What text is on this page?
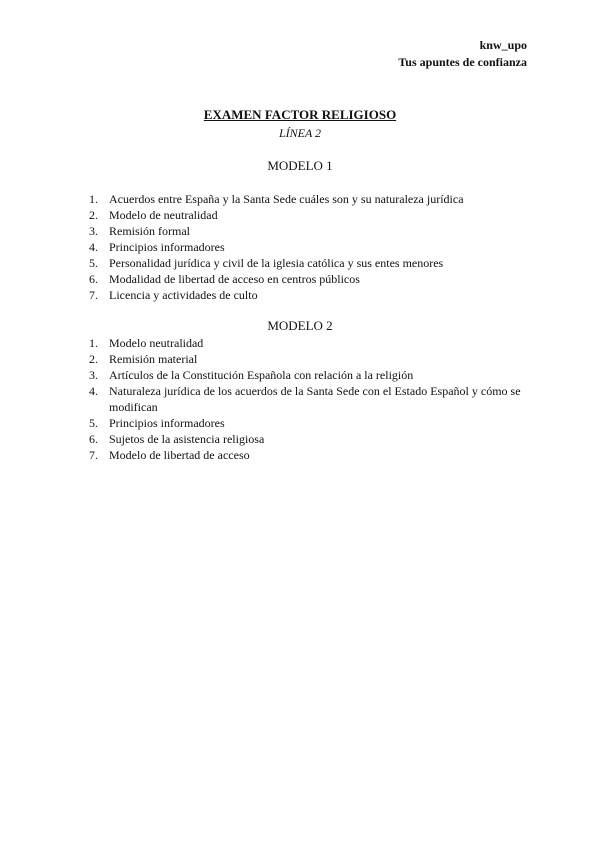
knw_upo
Tus apuntes de confianza
EXAMEN FACTOR RELIGIOSO
LÍNEA 2
MODELO 1
1. Acuerdos entre España y la Santa Sede cuáles son y su naturaleza jurídica
2. Modelo de neutralidad
3. Remisión formal
4. Principios informadores
5. Personalidad jurídica y civil de la iglesia católica y sus entes menores
6. Modalidad de libertad de acceso en centros públicos
7. Licencia y actividades de culto
MODELO 2
1. Modelo neutralidad
2. Remisión material
3. Artículos de la Constitución Española con relación a la religión
4. Naturaleza jurídica de los acuerdos de la Santa Sede con el Estado Español y cómo se modifican
5. Principios informadores
6. Sujetos de la asistencia religiosa
7. Modelo de libertad de acceso
